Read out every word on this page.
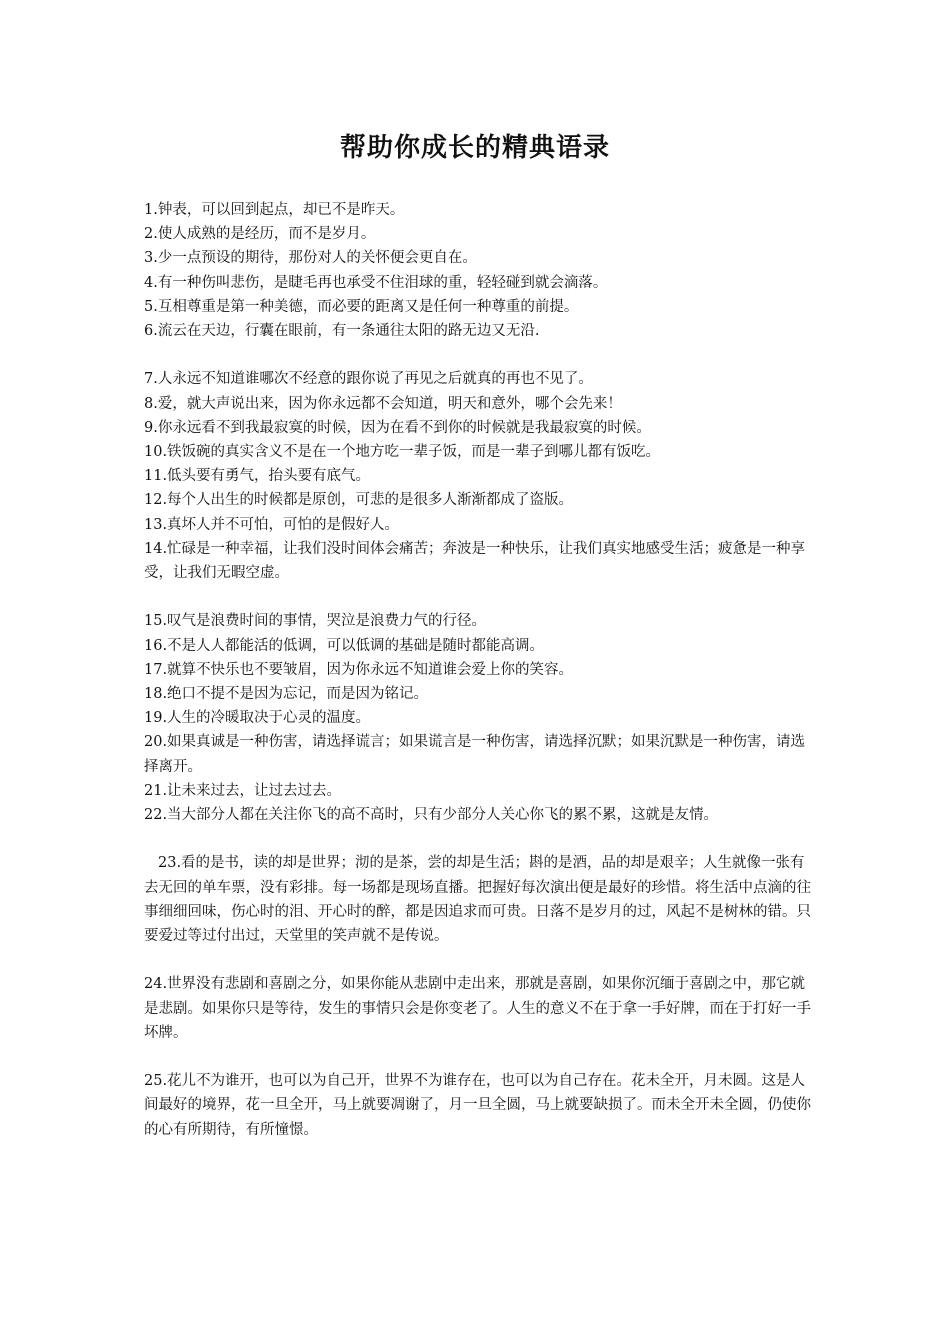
帮助你成长的精典语录

1.钟表，可以回到起点，却已不是昨天。

2.使人成熟的是经历，而不是岁月。

3.少一点预设的期待，那份对人的关怀便会更自在。

4.有一种伤叫悲伤，是睫毛再也承受不住泪球的重，轻轻碰到就会滴落。

5.互相尊重是第一种美德，而必要的距离又是任何一种尊重的前提。

6.流云在天边，行囊在眼前，有一条通往太阳的路无边又无沿.

7.人永远不知道谁哪次不经意的跟你说了再见之后就真的再也不见了。

8.爱，就大声说出来，因为你永远都不会知道，明天和意外，哪个会先来！

9.你永远看不到我最寂寞的时候，因为在看不到你的时候就是我最寂寞的时候。

10.铁饭碗的真实含义不是在一个地方吃一辈子饭，而是一辈子到哪儿都有饭吃。

11.低头要有勇气，抬头要有底气。

12.每个人出生的时候都是原创，可悲的是很多人渐渐都成了盗版。

13.真坏人并不可怕，可怕的是假好人。

14.忙碌是一种幸福，让我们没时间体会痛苦；奔波是一种快乐，让我们真实地感受生活；疲惫是一种享受，让我们无暇空虚。

15.叹气是浪费时间的事情，哭泣是浪费力气的行径。

16.不是人人都能活的低调，可以低调的基础是随时都能高调。

17.就算不快乐也不要皱眉，因为你永远不知道谁会爱上你的笑容。

18.绝口不提不是因为忘记，而是因为铭记。

19.人生的冷暖取决于心灵的温度。

20.如果真诚是一种伤害，请选择谎言；如果谎言是一种伤害，请选择沉默；如果沉默是一种伤害，请选择离开。

21.让未来过去，让过去过去。

22.当大部分人都在关注你飞的高不高时，只有少部分人关心你飞的累不累，这就是友情。

23.看的是书，读的却是世界；沏的是茶，尝的却是生活；斟的是酒，品的却是艰辛；人生就像一张有去无回的单车票，没有彩排。每一场都是现场直播。把握好每次演出便是最好的珍惜。将生活中点滴的往事细细回味，伤心时的泪、开心时的醉，都是因追求而可贵。日落不是岁月的过，风起不是树林的错。只要爱过等过付出过，天堂里的笑声就不是传说。

24.世界没有悲剧和喜剧之分，如果你能从悲剧中走出来，那就是喜剧，如果你沉缅于喜剧之中，那它就是悲剧。如果你只是等待，发生的事情只会是你变老了。人生的意义不在于拿一手好牌，而在于打好一手坏牌。

25.花儿不为谁开，也可以为自己开，世界不为谁存在，也可以为自己存在。花未全开，月未圆。这是人间最好的境界，花一旦全开，马上就要凋谢了，月一旦全圆，马上就要缺损了。而未全开未全圆，仍使你的心有所期待，有所憧憬。
